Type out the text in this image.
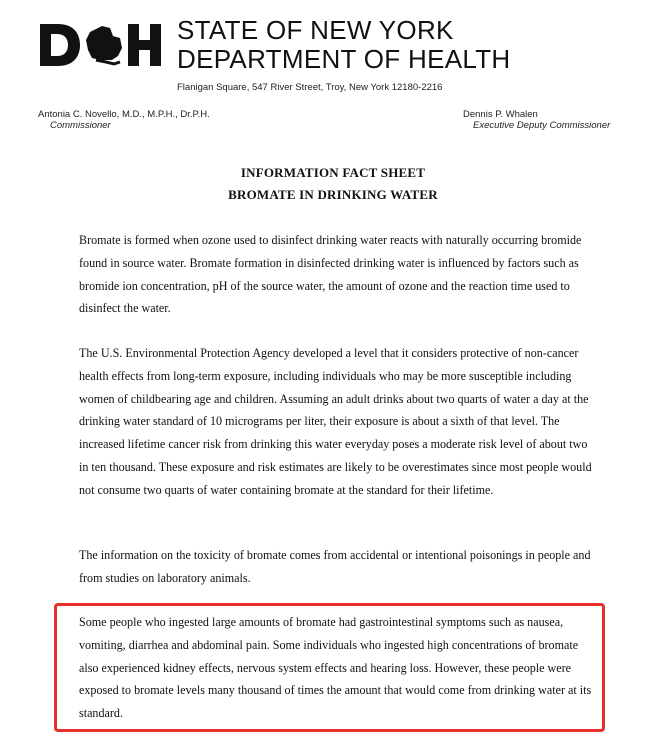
STATE OF NEW YORK
DEPARTMENT OF HEALTH
Flanigan Square, 547 River Street, Troy, New York 12180-2216
Antonia C. Novello, M.D., M.P.H., Dr.P.H.
Commissioner
Dennis P. Whalen
Executive Deputy Commissioner
INFORMATION FACT SHEET
BROMATE IN DRINKING WATER

Bromate is formed when ozone used to disinfect drinking water reacts with naturally occurring bromide found in source water. Bromate formation in disinfected drinking water is influenced by factors such as bromide ion concentration, pH of the source water, the amount of ozone and the reaction time used to disinfect the water.

The U.S. Environmental Protection Agency developed a level that it considers protective of non-cancer health effects from long-term exposure, including individuals who may be more susceptible including women of childbearing age and children. Assuming an adult drinks about two quarts of water a day at the drinking water standard of 10 micrograms per liter, their exposure is about a sixth of that level. The increased lifetime cancer risk from drinking this water everyday poses a moderate risk level of about two in ten thousand. These exposure and risk estimates are likely to be overestimates since most people would not consume two quarts of water containing bromate at the standard for their lifetime.

The information on the toxicity of bromate comes from accidental or intentional poisonings in people and from studies on laboratory animals.

Some people who ingested large amounts of bromate had gastrointestinal symptoms such as nausea, vomiting, diarrhea and abdominal pain. Some individuals who ingested high concentrations of bromate also experienced kidney effects, nervous system effects and hearing loss. However, these people were exposed to bromate levels many thousand of times the amount that would come from drinking water at its standard.
